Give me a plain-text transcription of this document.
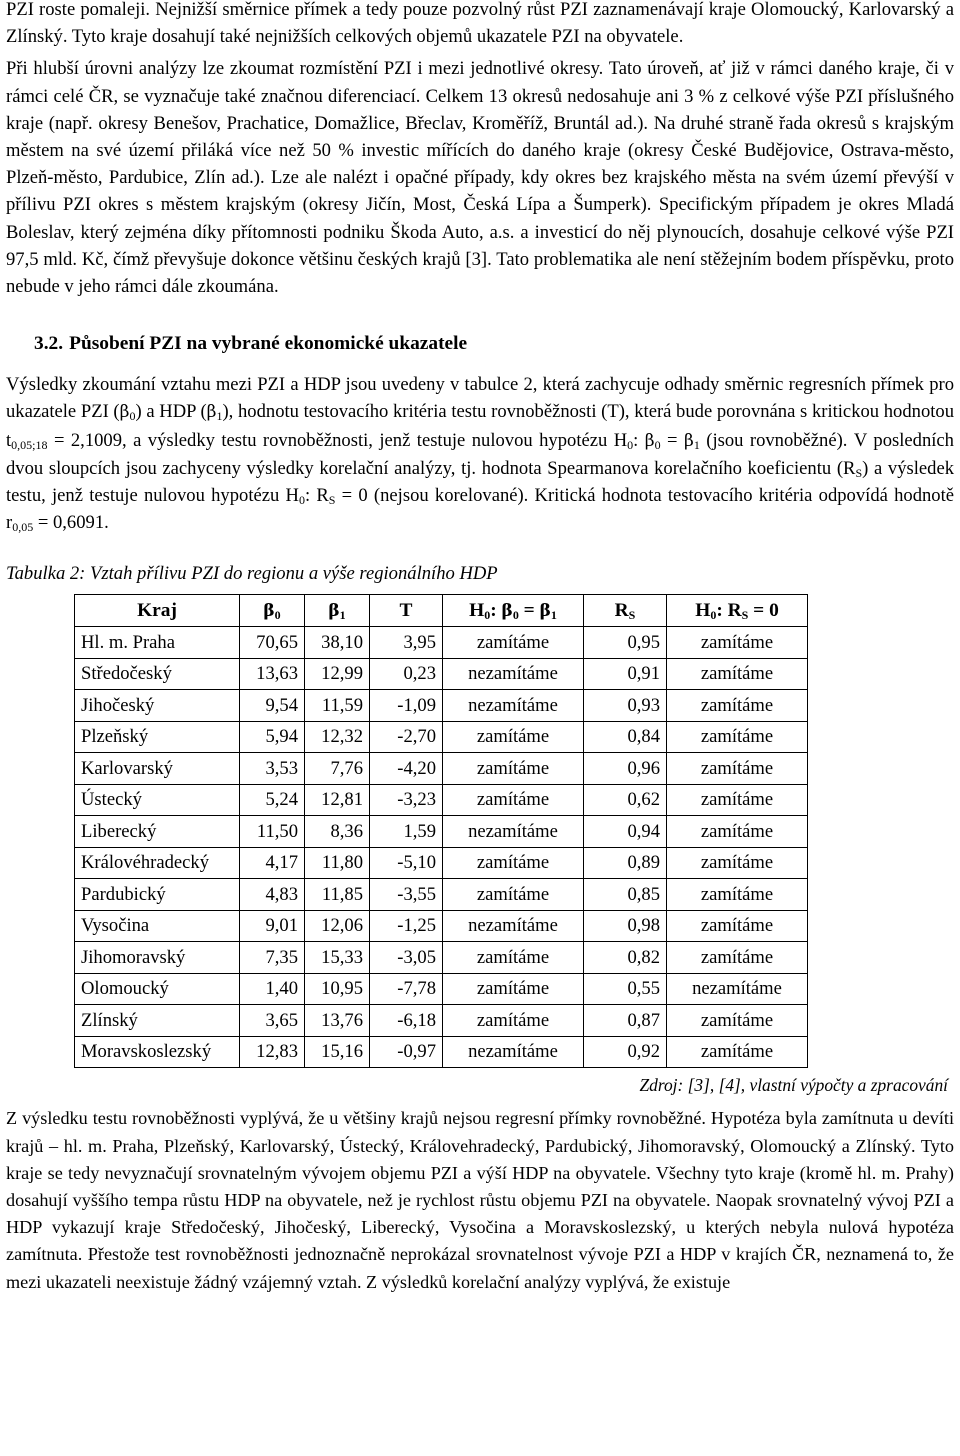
PZI roste pomaleji. Nejnižší směrnice přímek a tedy pouze pozvolný růst PZI zaznamenávají kraje Olomoucký, Karlovarský a Zlínský. Tyto kraje dosahují také nejnižších celkových objemů ukazatele PZI na obyvatele.

Při hlubší úrovni analýzy lze zkoumat rozmístění PZI i mezi jednotlivé okresy. Tato úroveň, ať již v rámci daného kraje, či v rámci celé ČR, se vyznačuje také značnou diferenciací. Celkem 13 okresů nedosahuje ani 3 % z celkové výše PZI příslušného kraje (např. okresy Benešov, Prachatice, Domažlice, Břeclav, Kroměříž, Bruntál ad.). Na druhé straně řada okresů s krajským městem na své území přiláká více než 50 % investic mířících do daného kraje (okresy České Budějovice, Ostrava-město, Plzeň-město, Pardubice, Zlín ad.). Lze ale nalézt i opačné případy, kdy okres bez krajského města na svém území převýší v přílivu PZI okres s městem krajským (okresy Jičín, Most, Česká Lípa a Šumperk). Specifickým případem je okres Mladá Boleslav, který zejména díky přítomnosti podniku Škoda Auto, a.s. a investicí do něj plynoucích, dosahuje celkové výše PZI 97,5 mld. Kč, čímž převyšuje dokonce většinu českých krajů [3]. Tato problematika ale není stěžejním bodem příspěvku, proto nebude v jeho rámci dále zkoumána.

3.2. Působení PZI na vybrané ekonomické ukazatele

Výsledky zkoumání vztahu mezi PZI a HDP jsou uvedeny v tabulce 2, která zachycuje odhady směrnic regresních přímek pro ukazatele PZI $(\beta_0)$ a HDP $(\beta_1)$, hodnotu testovacího kritéria testu rovnoběžnosti (T), která bude porovnána s kritickou hodnotou $t_{0,05;18} = 2,1009$, a výsledky testu rovnoběžnosti, jenž testuje nulovou hypotézu $H_0$: $\beta_0 = \beta_1$ (jsou rovnoběžné). V posledních dvou sloupcích jsou zachyceny výsledky korelační analýzy, tj. hodnota Spearmanova korelačního koeficientu $(R_S)$ a výsledek testu, jenž testuje nulovou hypotézu $H_0$: $R_S = 0$ (nejsou korelované). Kritická hodnota testovacího kritéria odpovídá hodnotě $r_{0,05} = 0,6091$.

Tabulka 2: Vztah přílivu PZI do regionu a výše regionálního HDP
Kraj	$\beta_0$	$\beta_1$	T	$H_0$: $\beta_0 = \beta_1$	$R_S$	$H_0$: $R_S = 0$
Hl. m. Praha	70,65	38,10	3,95	zamítáme	0,95	zamítáme
Středočeský	13,63	12,99	0,23	nezamítáme	0,91	zamítáme
Jihočeský	9,54	11,59	-1,09	nezamítáme	0,93	zamítáme
Plzeňský	5,94	12,32	-2,70	zamítáme	0,84	zamítáme
Karlovarský	3,53	7,76	-4,20	zamítáme	0,96	zamítáme
Ústecký	5,24	12,81	-3,23	zamítáme	0,62	zamítáme
Liberecký	11,50	8,36	1,59	nezamítáme	0,94	zamítáme
Královéhradecký	4,17	11,80	-5,10	zamítáme	0,89	zamítáme
Pardubický	4,83	11,85	-3,55	zamítáme	0,85	zamítáme
Vysočina	9,01	12,06	-1,25	nezamítáme	0,98	zamítáme
Jihomoravský	7,35	15,33	-3,05	zamítáme	0,82	zamítáme
Olomoucký	1,40	10,95	-7,78	zamítáme	0,55	nezamítáme
Zlínský	3,65	13,76	-6,18	zamítáme	0,87	zamítáme
Moravskoslezský	12,83	15,16	-0,97	nezamítáme	0,92	zamítáme
Zdroj: [3], [4], vlastní výpočty a zpracování

Z výsledku testu rovnoběžnosti vyplývá, že u většiny krajů nejsou regresní přímky rovnoběžné. Hypotéza byla zamítnuta u devíti krajů – hl. m. Praha, Plzeňský, Karlovarský, Ústecký, Královehradecký, Pardubický, Jihomoravský, Olomoucký a Zlínský. Tyto kraje se tedy nevyznačují srovnatelným vývojem objemu PZI a výší HDP na obyvatele. Všechny tyto kraje (kromě hl. m. Prahy) dosahují vyššího tempa růstu HDP na obyvatele, než je rychlost růstu objemu PZI na obyvatele. Naopak srovnatelný vývoj PZI a HDP vykazují kraje Středočeský, Jihočeský, Liberecký, Vysočina a Moravskoslezský, u kterých nebyla nulová hypotéza zamítnuta. Přestože test rovnoběžnosti jednoznačně neprokázal srovnatelnost vývoje PZI a HDP v krajích ČR, neznamená to, že mezi ukazateli neexistuje žádný vzájemný vztah. Z výsledků korelační analýzy vyplývá, že existuje
